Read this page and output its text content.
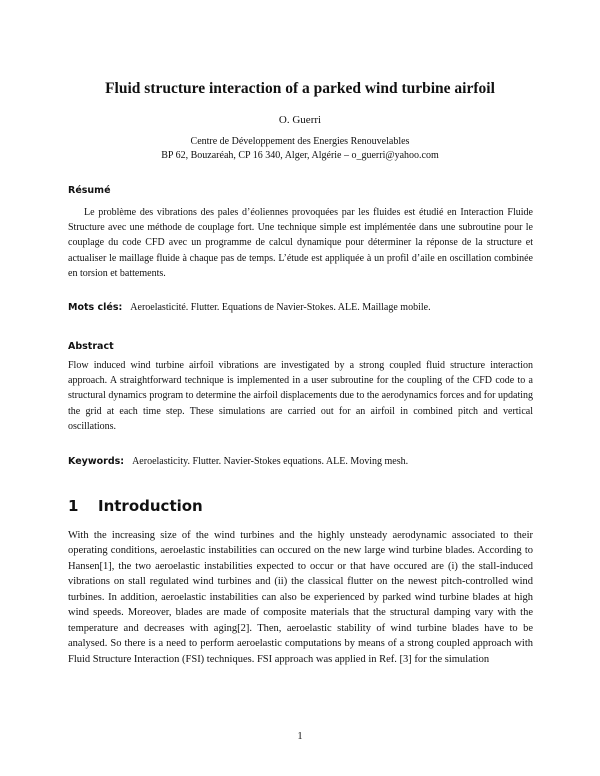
Fluid structure interaction of a parked wind turbine airfoil
O. Guerri
Centre de Développement des Energies Renouvelables
BP 62, Bouzaréah, CP 16 340, Alger, Algérie – o_guerri@yahoo.com
Résumé
Le problème des vibrations des pales d’éoliennes provoquées par les fluides est étudié en Interaction Fluide Structure avec une méthode de couplage fort. Une technique simple est implémentée dans une subroutine pour le couplage du code CFD avec un programme de calcul dynamique pour déterminer la réponse de la structure et actualiser le maillage fluide à chaque pas de temps. L’étude est appliquée à un profil d’aile en oscillation combinée en torsion et battements.
Mots clés: Aeroelasticité. Flutter. Equations de Navier-Stokes. ALE. Maillage mobile.
Abstract
Flow induced wind turbine airfoil vibrations are investigated by a strong coupled fluid structure interaction approach. A straightforward technique is implemented in a user subroutine for the coupling of the CFD code to a structural dynamics program to determine the airfoil displacements due to the aerodynamics forces and for updating the grid at each time step. These simulations are carried out for an airfoil in combined pitch and vertical oscillations.
Keywords: Aeroelasticity. Flutter. Navier-Stokes equations. ALE. Moving mesh.
1 Introduction
With the increasing size of the wind turbines and the highly unsteady aerodynamic associated to their operating conditions, aeroelastic instabilities can occured on the new large wind turbine blades. According to Hansen[1], the two aeroelastic instabilities expected to occur or that have occured are (i) the stall-induced vibrations on stall regulated wind turbines and (ii) the classical flutter on the newest pitch-controlled wind turbines. In addition, aeroelastic instabilities can also be experienced by parked wind turbine blades at high wind speeds. Moreover, blades are made of composite materials that the structural damping vary with the temperature and decreases with aging[2]. Then, aeroelastic stability of wind turbine blades have to be analysed. So there is a need to perform aeroelastic computations by means of a strong coupled approach with Fluid Structure Interaction (FSI) techniques. FSI approach was applied in Ref. [3] for the simulation
1
